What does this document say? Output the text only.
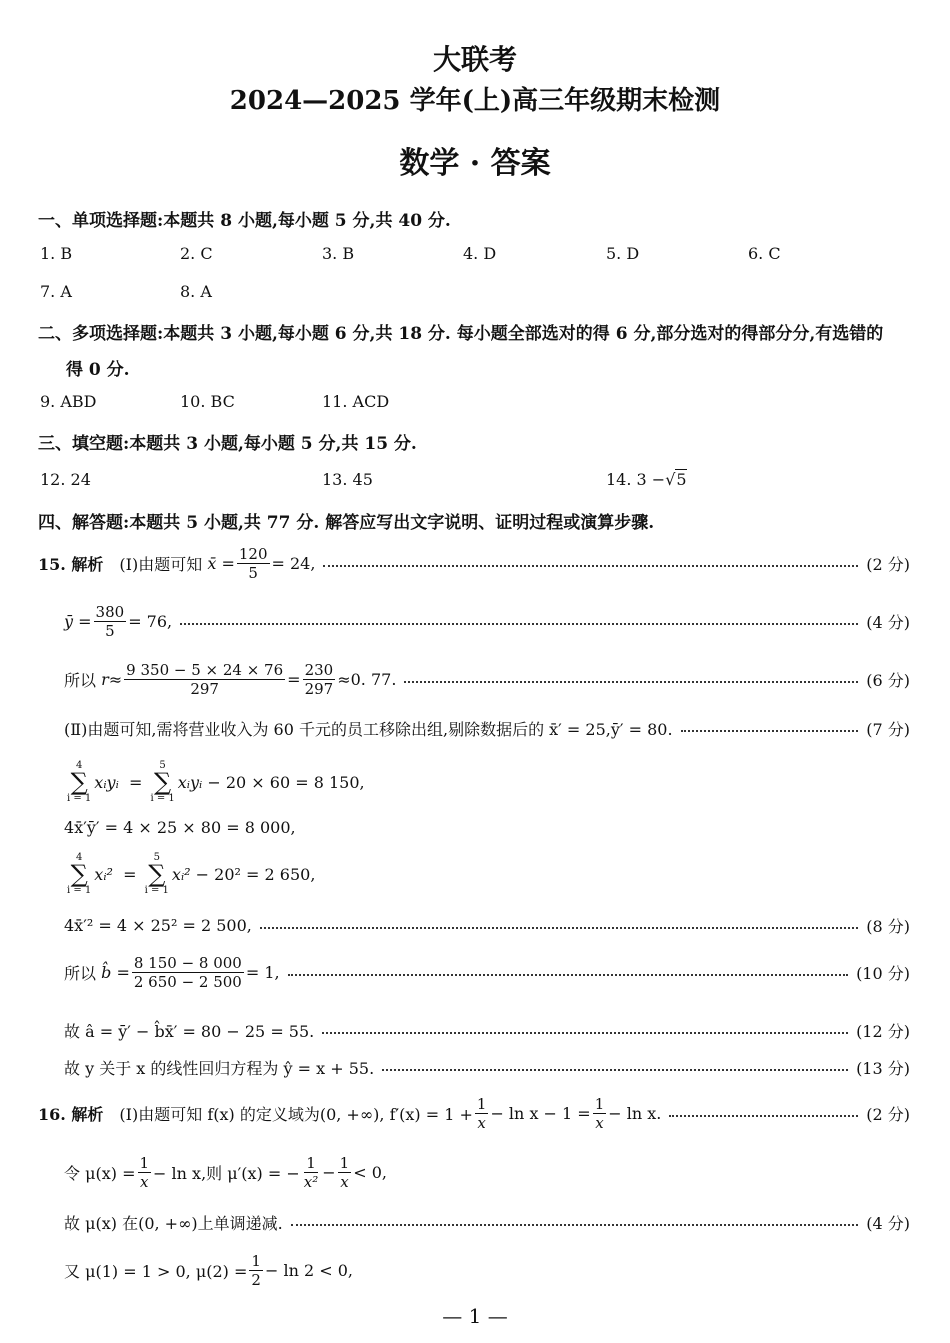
大联考
2024—2025 学年(上)高三年级期末检测
数学 · 答案
一、单项选择题:本题共 8 小题,每小题 5 分,共 40 分.
1. B	2. C	3. B	4. D	5. D	6. C
7. A	8. A
二、多项选择题:本题共 3 小题,每小题 6 分,共 18 分. 每小题全部选对的得 6 分,部分选对的得部分分,有选错的
得 0 分.
9. ABD	10. BC	11. ACD
三、填空题:本题共 3 小题,每小题 5 分,共 15 分.
12. 24	13. 45	14. 3 −√5
四、解答题:本题共 5 小题,共 77 分. 解答应写出文字说明、证明过程或演算步骤.
15. 解析 (Ⅰ)由题可知
x̄
= $\frac{120}{5} = 24$,	(2 分)
ȳ
= $\frac{380}{5} = 76$,	(4 分)
所以
$r \approx \frac{9 350 - 5 \times 24 \times 76}{297} = \frac{230}{297} \approx 0$. 77.	(6 分)
(Ⅱ)由题可知,需将营业收入为 60 千元的员工移除出组,剔除数据后的 x̄′ = 25,ȳ′ = 80.	(7 分)
4
∑
i = 1
xᵢyᵢ
=

5
∑
i = 1
xᵢyᵢ
− 20 × 60 = 8 150,
4x̄′ȳ′ = 4 × 25 × 80 = 8 000,
4
∑
i = 1
xᵢ²
=

5
∑
i = 1
xᵢ²
− 20² = 2 650,
4x̄′² = 4 × 25² = 2 500,	(8 分)
所以
b̂
= $\frac{8 150 - 8 000}{2 650 - 2 500} = 1$,	(10 分)
故 â = ȳ′ − b̂x̄′ = 80 − 25 = 55.	(12 分)
故 y 关于 x 的线性回归方程为 ŷ = x + 55.	(13 分)
16. 解析 (Ⅰ)由题可知 f(x) 的定义域为(0, +∞), $f'(x) = 1 + \frac{1}{x} - \ln x - 1 = \frac{1}{x} - \ln x$.	(2 分)
令 $\mu(x) = \frac{1}{x} - \ln x$,则 μ′(x) = − $\frac{1}{\text{x²}} - \frac{1}{x} < 0$,
故 μ(x) 在(0, +∞)上单调递减.	(4 分)
又 μ(1) = 1 > 0, $\mu(2) = \frac{1}{2} - \ln 2 < 0$,
— 1 —
